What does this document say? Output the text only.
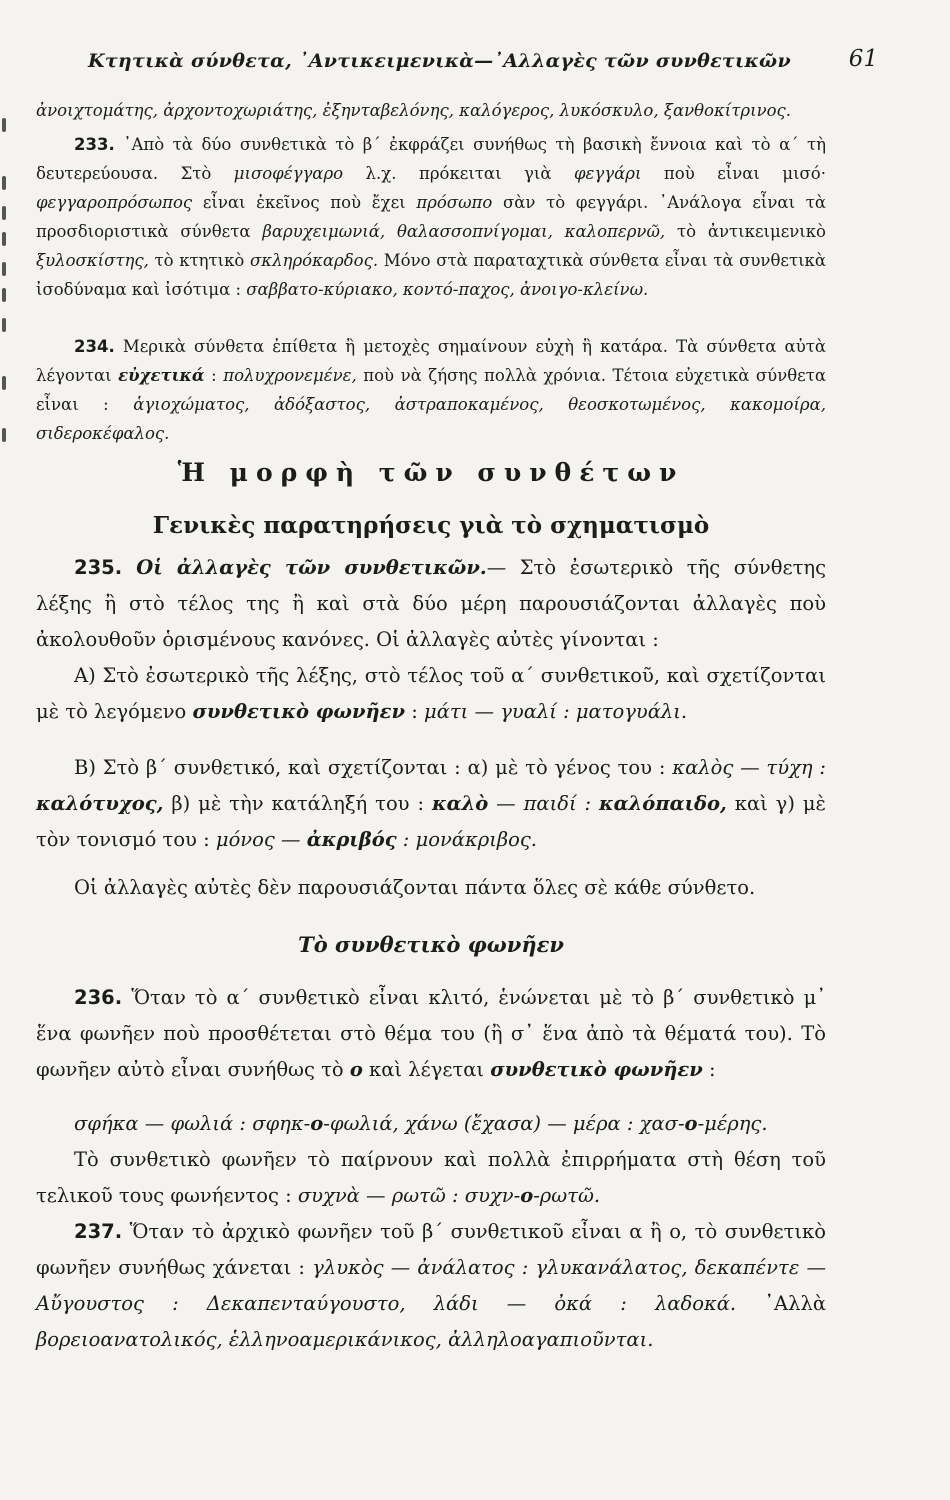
Κτητικὰ σύνθετα, ᾿Αντικειμενικὰ—᾿Αλλαγὲς τῶν συνθετικῶν	61

ἀνοιχτομάτης, ἀρχοντοχωριάτης, ἐξηνταβελόνης, καλόγερος, λυκόσκυλο, ξανθοκίτρινος.

233. ᾿Απὸ τὰ δύο συνθετικὰ τὸ β΄ ἐκφράζει συνήθως τὴ βασικὴ ἔννοια καὶ τὸ α΄ τὴ δευτερεύουσα. Στὸ μισοφέγγαρο λ.χ. πρόκειται γιὰ φεγγάρι ποὺ εἶναι μισό· φεγγαροπρόσωπος εἶναι ἐκεῖνος ποὺ ἔχει πρόσωπο σὰν τὸ φεγγάρι. ᾿Ανάλογα εἶναι τὰ προσδιοριστικὰ σύνθετα βαρυχειμωνιά, θαλασσοπνίγομαι, καλοπερνῶ, τὸ ἀντικειμενικὸ ξυλοσκίστης, τὸ κτητικὸ σκληρόκαρδος. Μόνο στὰ παραταχτικὰ σύνθετα εἶναι τὰ συνθετικὰ ἰσοδύναμα καὶ ἰσότιμα : σαββατο-κύριακο, κοντό-παχος, ἀνοιγο-κλείνω.

234. Μερικὰ σύνθετα ἐπίθετα ἢ μετοχὲς σημαίνουν εὐχὴ ἢ κατάρα. Τὰ σύνθετα αὐτὰ λέγονται εὐχετικά : πολυχρονεμένε, ποὺ νὰ ζήσης πολλὰ χρόνια. Τέτοια εὐχετικὰ σύνθετα εἶναι : ἁγιοχώματος, ἀδόξαστος, ἀστραποκαμένος, θεοσκοτωμένος, κακομοίρα, σιδεροκέφαλος.

Ἡ μορφὴ τῶν συνθέτων
Γενικὲς παρατηρήσεις γιὰ τὸ σχηματισμὸ

235. Οἱ ἀλλαγὲς τῶν συνθετικῶν.— Στὸ ἐσωτερικὸ τῆς σύνθετης λέξης ἢ στὸ τέλος της ἢ καὶ στὰ δύο μέρη παρουσιάζονται ἀλλαγὲς ποὺ ἀκολουθοῦν ὁρισμένους κανόνες. Οἱ ἀλλαγὲς αὐτὲς γίνονται :

Α) Στὸ ἐσωτερικὸ τῆς λέξης, στὸ τέλος τοῦ α΄ συνθετικοῦ, καὶ σχετίζονται μὲ τὸ λεγόμενο συνθετικὸ φωνῆεν : μάτι — γυαλί : ματογυάλι.

Β) Στὸ β΄ συνθετικό, καὶ σχετίζονται : α) μὲ τὸ γένος του : καλὸς — τύχη : καλότυχος, β) μὲ τὴν κατάληξή του : καλὸ — παιδί : καλόπαιδο, καὶ γ) μὲ τὸν τονισμό του : μόνος — ἀκριβός : μονάκριβος.

Οἱ ἀλλαγὲς αὐτὲς δὲν παρουσιάζονται πάντα ὅλες σὲ κάθε σύνθετο.

Τὸ συνθετικὸ φωνῆεν

236. Ὅταν τὸ α΄ συνθετικὸ εἶναι κλιτό, ἑνώνεται μὲ τὸ β΄ συνθετικὸ μ᾿ ἕνα φωνῆεν ποὺ προσθέτεται στὸ θέμα του (ἢ σ᾿ ἕνα ἀπὸ τὰ θέματά του). Τὸ φωνῆεν αὐτὸ εἶναι συνήθως τὸ ο καὶ λέγεται συνθετικὸ φωνῆεν :

σφήκα — φωλιά : σφηκ-ο-φωλιά, χάνω (ἔχασα) — μέρα : χασ-ο-μέρης.

Τὸ συνθετικὸ φωνῆεν τὸ παίρνουν καὶ πολλὰ ἐπιρρήματα στὴ θέση τοῦ τελικοῦ τους φωνήεντος : συχνὰ — ρωτῶ : συχν-ο-ρωτῶ.

237. Ὅταν τὸ ἀρχικὸ φωνῆεν τοῦ β΄ συνθετικοῦ εἶναι α ἢ ο, τὸ συνθετικὸ φωνῆεν συνήθως χάνεται : γλυκὸς — ἀνάλατος : γλυκανάλατος, δεκαπέντε — Αὔγουστος : Δεκαπενταύγουστο, λάδι — ὀκά : λαδοκά. ᾿Αλλὰ βορειοανατολικός, ἑλληνοαμερικάνικος, ἀλληλοαγαπιοῦνται.
